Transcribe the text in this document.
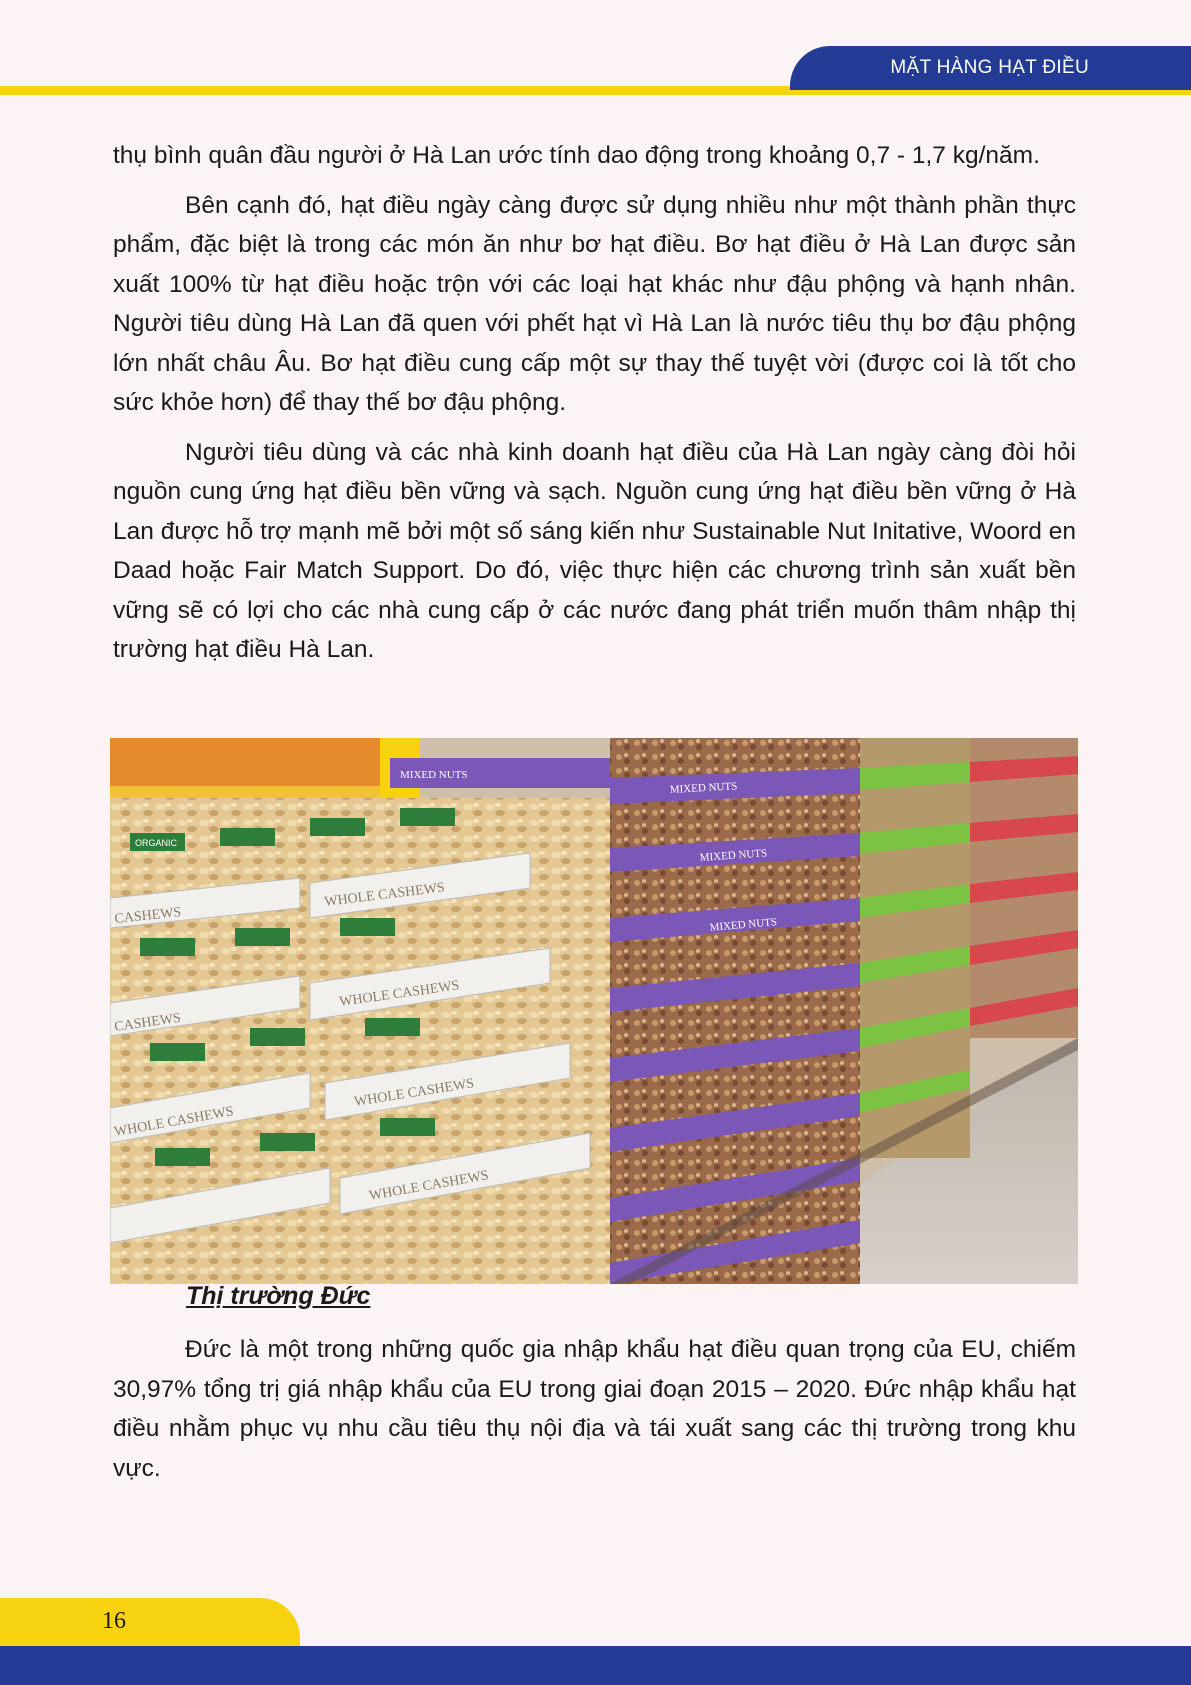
MẶT HÀNG HẠT ĐIỀU

thụ bình quân đầu người ở Hà Lan ước tính dao động trong khoảng 0,7 - 1,7 kg/năm.

Bên cạnh đó, hạt điều ngày càng được sử dụng nhiều như một thành phần thực phẩm, đặc biệt là trong các món ăn như bơ hạt điều. Bơ hạt điều ở Hà Lan được sản xuất 100% từ hạt điều hoặc trộn với các loại hạt khác như đậu phộng và hạnh nhân. Người tiêu dùng Hà Lan đã quen với phết hạt vì Hà Lan là nước tiêu thụ bơ đậu phộng lớn nhất châu Âu. Bơ hạt điều cung cấp một sự thay thế tuyệt vời (được coi là tốt cho sức khỏe hơn) để thay thế bơ đậu phộng.

Người tiêu dùng và các nhà kinh doanh hạt điều của Hà Lan ngày càng đòi hỏi nguồn cung ứng hạt điều bền vững và sạch. Nguồn cung ứng hạt điều bền vững ở Hà Lan được hỗ trợ mạnh mẽ bởi một số sáng kiến như Sustainable Nut Initative, Woord en Daad hoặc Fair Match Support. Do đó, việc thực hiện các chương trình sản xuất bền vững sẽ có lợi cho các nhà cung cấp ở các nước đang phát triển muốn thâm nhập thị trường hạt điều Hà Lan.

ORGANIC
WHOLE CASHEWS
CASHEWS
WHOLE CASHEWS
CASHEWS
WHOLE CASHEWS
WHOLE CASHEWS
WHOLE CASHEWS
MIXED NUTS
MIXED NUTS
MIXED NUTS
MIXED NUTS
Thị trường Đức

Đức là một trong những quốc gia nhập khẩu hạt điều quan trọng của EU, chiếm 30,97% tổng trị giá nhập khẩu của EU trong giai đoạn 2015 – 2020. Đức nhập khẩu hạt điều nhằm phục vụ nhu cầu tiêu thụ nội địa và tái xuất sang các thị trường trong khu vực.

16
